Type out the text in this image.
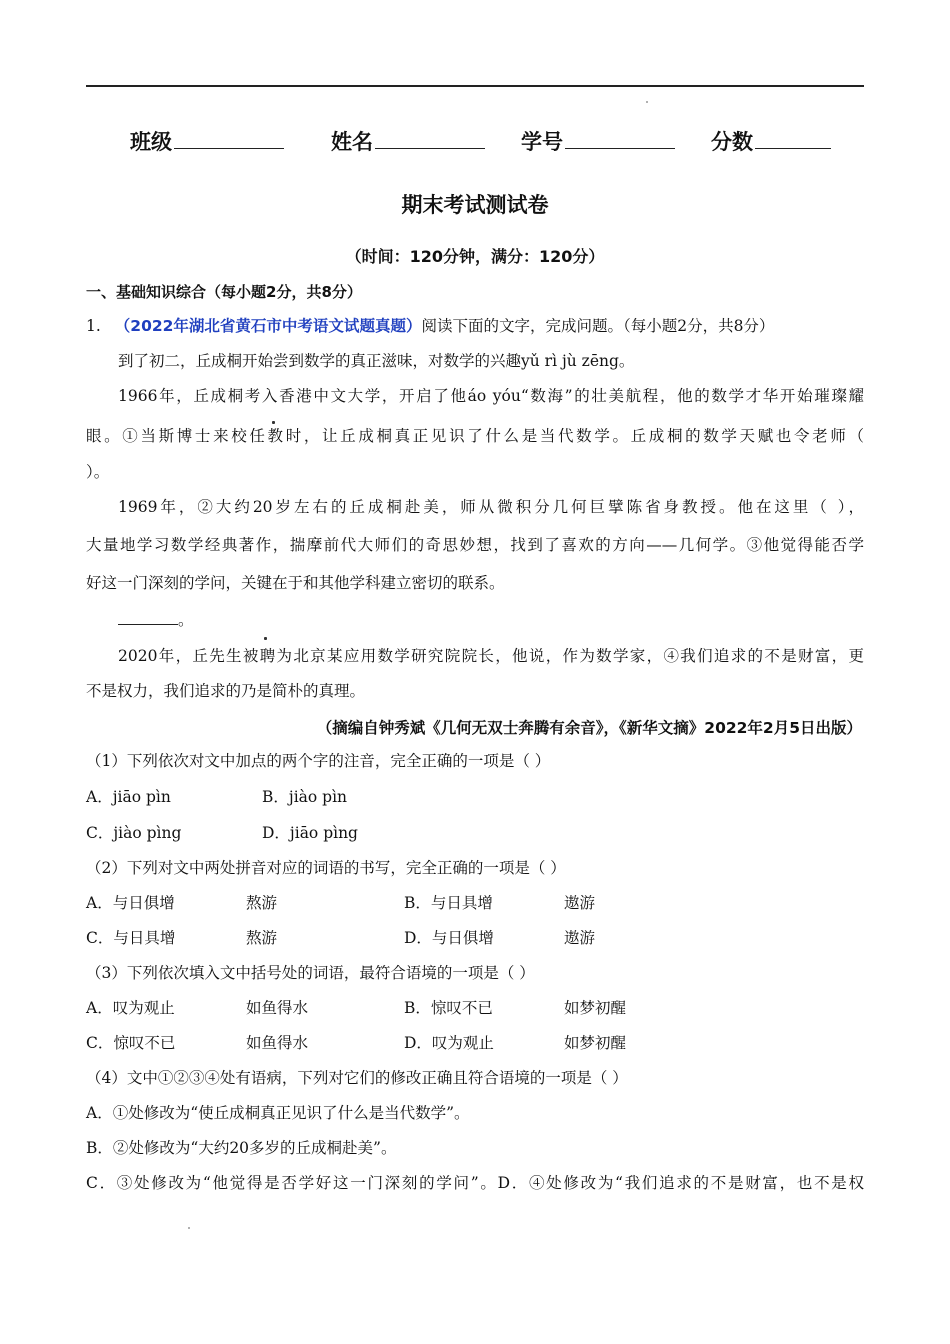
班级	姓名	学号	分数
期末考试测试卷
（时间：120分钟，满分：120分）
一、基础知识综合（每小题2分，共8分）
1. （2022年湖北省黄石市中考语文试题真题）阅读下面的文字，完成问题。（每小题2分，共8分）
到了初二，丘成桐开始尝到数学的真正滋味，对数学的兴趣yǔ rì jù zēng。
1966年，丘成桐考入香港中文大学，开启了他áo yóu“数海”的壮美航程，他的数学才华开始璀璨耀
眼。①当斯博士来校任教时，让丘成桐真正见识了什么是当代数学。丘成桐的数学天赋也令老师（
）。
1969年，②大约20岁左右的丘成桐赴美，师从微积分几何巨擘陈省身教授。他在这里（ ），
大量地学习数学经典著作，揣摩前代大师们的奇思妙想，找到了喜欢的方向——几何学。③他觉得能否学
好这一门深刻的学问，关键在于和其他学科建立密切的联系。
。
2020年，丘先生被聘为北京某应用数学研究院院长，他说，作为数学家，④我们追求的不是财富，更
不是权力，我们追求的乃是简朴的真理。
（摘编自钟秀斌《几何无双士奔腾有余音》，《新华文摘》2022年2月5日出版）
（1）下列依次对文中加点的两个字的注音，完全正确的一项是（ ）
A．jiāo pìn	B．jiào pìn
C．jiào pìng	D．jiāo pìng
（2）下列对文中两处拼音对应的词语的书写，完全正确的一项是（ ）
A．与日俱增	熬游	B．与日具增	遨游
C．与日具增	熬游	D．与日俱增	遨游
（3）下列依次填入文中括号处的词语，最符合语境的一项是（ ）
A．叹为观止	如鱼得水	B．惊叹不已	如梦初醒
C．惊叹不已	如鱼得水	D．叹为观止	如梦初醒
（4）文中①②③④处有语病，下列对它们的修改正确且符合语境的一项是（ ）
A．①处修改为“使丘成桐真正见识了什么是当代数学”。
B．②处修改为“大约20多岁的丘成桐赴美”。
C．③处修改为“他觉得是否学好这一门深刻的学问”。D．④处修改为“我们追求的不是财富，也不是权
